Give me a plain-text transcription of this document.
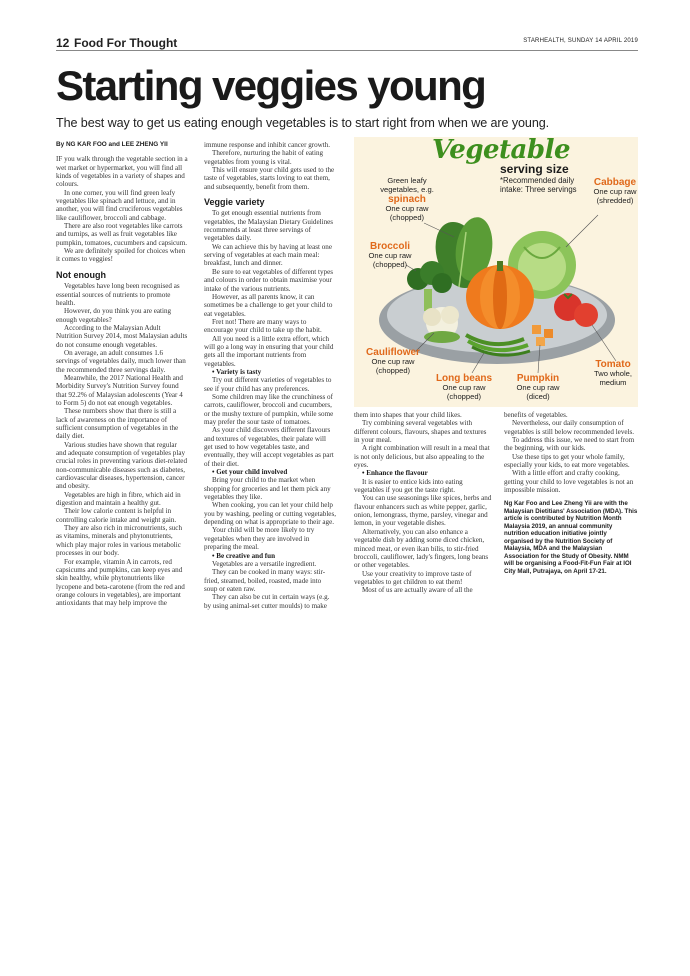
12 Food For Thought	STARHEALTH, SUNDAY 14 APRIL 2019
Starting veggies young
The best way to get us eating enough vegetables is to start right from when we are young.

By NG KAR FOO and LEE ZHENG YII

IF you walk through the vegetable section in a wet market or hypermarket, you will find all kinds of vegetables in a variety of shapes and colours.

In one corner, you will find green leafy vegetables like spinach and lettuce, and in another, you will find cruciferous vegetables like cauliflower, broccoli and cabbage.

There are also root vegetables like carrots and turnips, as well as fruit vegetables like pumpkin, tomatoes, cucumbers and capsicum.

We are definitely spoiled for choices when it comes to veggies!

Not enough

Vegetables have long been recognised as essential sources of nutrients to promote health.

However, do you think you are eating enough vegetables?

According to the Malaysian Adult Nutrition Survey 2014, most Malaysian adults do not consume enough vegetables.

On average, an adult consumes 1.6 servings of vegetables daily, much lower than the recommended three servings daily.

Meanwhile, the 2017 National Health and Morbidity Survey's Nutrition Survey found that 92.2% of Malaysian adolescents (Year 4 to Form 5) do not eat enough vegetables.

These numbers show that there is still a lack of awareness on the importance of sufficient consumption of vegetables in the daily diet.

Various studies have shown that regular and adequate consumption of vegetables play crucial roles in preventing various diet-related non-communicable diseases such as diabetes, cardiovascular diseases, hypertension, cancer and obesity.

Vegetables are high in fibre, which aid in digestion and maintain a healthy gut.

Their low calorie content is helpful in controlling calorie intake and weight gain.

They are also rich in micronutrients, such as vitamins, minerals and phytonutrients, which play major roles in various metabolic processes in our body.

For example, vitamin A in carrots, red capsicums and pumpkins, can keep eyes and skin healthy, while phytonutrients like lycopene and beta-carotene (from the red and orange colours in vegetables), are important antioxidants that may help improve the

immune response and inhibit cancer growth.

Therefore, nurturing the habit of eating vegetables from young is vital.

This will ensure your child gets used to the taste of vegetables, starts loving to eat them, and subsequently, benefit from them.

Veggie variety

To get enough essential nutrients from vegetables, the Malaysian Dietary Guidelines recommends at least three servings of vegetables daily.

We can achieve this by having at least one serving of vegetables at each main meal: breakfast, lunch and dinner.

Be sure to eat vegetables of different types and colours in order to obtain maximise your intake of the various nutrients.

However, as all parents know, it can sometimes be a challenge to get your child to eat vegetables.

Fret not! There are many ways to encourage your child to take up the habit.

All you need is a little extra effort, which will go a long way in ensuring that your child gets all the important nutrients from vegetables.

• Variety is tasty

Try out different varieties of vegetables to see if your child has any preferences.

Some children may like the crunchiness of carrots, cauliflower, broccoli and cucumbers, or the mushy texture of pumpkin, while some may prefer the sour taste of tomatoes.

As your child discovers different flavours and textures of vegetables, their palate will get used to how vegetables taste, and eventually, they will accept vegetables as part of their diet.

• Get your child involved

Bring your child to the market when shopping for groceries and let them pick any vegetables they like.

When cooking, you can let your child help you by washing, peeling or cutting vegetables, depending on what is appropriate to their age.

Your child will be more likely to try vegetables when they are involved in preparing the meal.

• Be creative and fun

Vegetables are a versatile ingredient.

They can be cooked in many ways: stir-fried, steamed, boiled, roasted, made into soup or eaten raw.

They can also be cut in certain ways (e.g. by using animal-set cutter moulds) to make

Vegetable
serving size
*Recommended daily intake: Three servings
Green leafy vegetables, e.g.
spinach
One cup raw (chopped)
Broccoli
One cup raw (chopped)
Cabbage
One cup raw (shredded)
Cauliflower
One cup raw (chopped)
Long beans
One cup raw (chopped)
Pumpkin
One cup raw (diced)
Tomato
Two whole, medium

them into shapes that your child likes.

Try combining several vegetables with different colours, flavours, shapes and textures in your meal.

A right combination will result in a meal that is not only delicious, but also appealing to the eyes.

• Enhance the flavour

It is easier to entice kids into eating vegetables if you get the taste right.

You can use seasonings like spices, herbs and flavour enhancers such as white pepper, garlic, onion, lemongrass, thyme, parsley, vinegar and lemon, in your vegetable dishes.

Alternatively, you can also enhance a vegetable dish by adding some diced chicken, minced meat, or even ikan bilis, to stir-fried broccoli, cauliflower, lady's fingers, long beans or other vegetables.

Use your creativity to improve taste of vegetables to get children to eat them!

Most of us are actually aware of all the

benefits of vegetables.

Nevertheless, our daily consumption of vegetables is still below recommended levels.

To address this issue, we need to start from the beginning, with our kids.

Use these tips to get your whole family, especially your kids, to eat more vegetables.

With a little effort and crafty cooking, getting your child to love vegetables is not an impossible mission.

Ng Kar Foo and Lee Zheng Yii are with the Malaysian Dietitians' Association (MDA). This article is contributed by Nutrition Month Malaysia 2019, an annual community nutrition education initiative jointly organised by the Nutrition Society of Malaysia, MDA and the Malaysian Association for the Study of Obesity. NMM will be organising a Food-Fit-Fun Fair at IOI City Mall, Putrajaya, on April 17-21.
